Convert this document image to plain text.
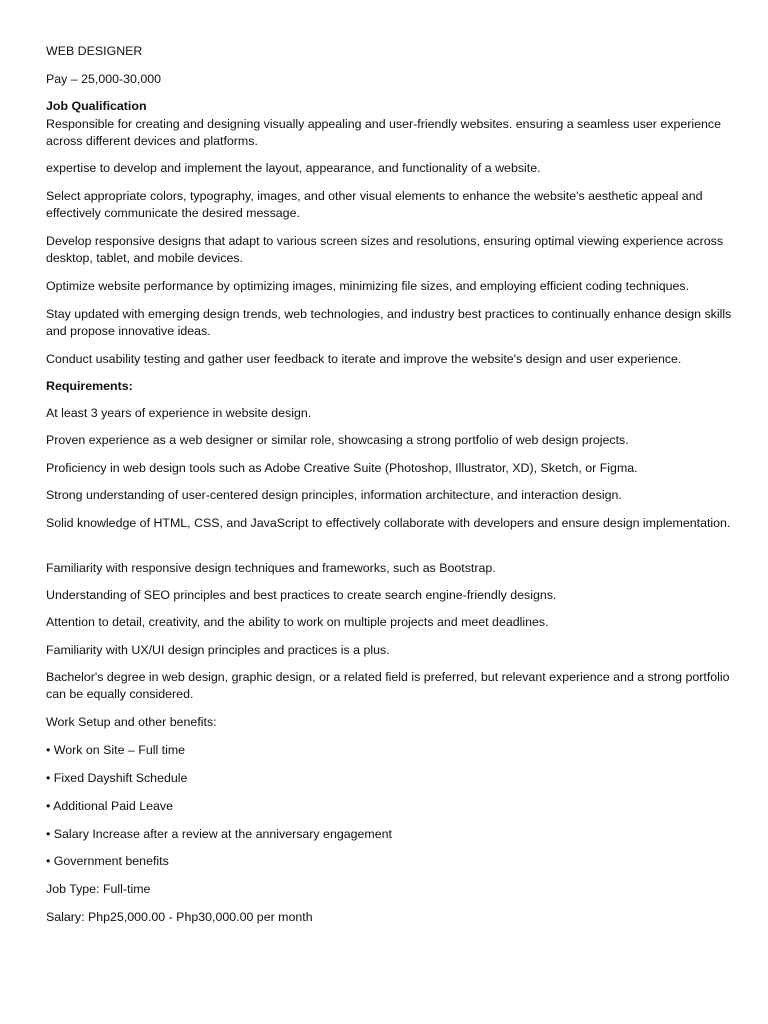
WEB DESIGNER
Pay – 25,000-30,000
Job Qualification
Responsible for creating and designing visually appealing and user-friendly websites. ensuring a seamless user experience across different devices and platforms.
expertise to develop and implement the layout, appearance, and functionality of a website.
Select appropriate colors, typography, images, and other visual elements to enhance the website's aesthetic appeal and effectively communicate the desired message.
Develop responsive designs that adapt to various screen sizes and resolutions, ensuring optimal viewing experience across desktop, tablet, and mobile devices.
Optimize website performance by optimizing images, minimizing file sizes, and employing efficient coding techniques.
Stay updated with emerging design trends, web technologies, and industry best practices to continually enhance design skills and propose innovative ideas.
Conduct usability testing and gather user feedback to iterate and improve the website's design and user experience.
Requirements:
At least 3 years of experience in website design.
Proven experience as a web designer or similar role, showcasing a strong portfolio of web design projects.
Proficiency in web design tools such as Adobe Creative Suite (Photoshop, Illustrator, XD), Sketch, or Figma.
Strong understanding of user-centered design principles, information architecture, and interaction design.
Solid knowledge of HTML, CSS, and JavaScript to effectively collaborate with developers and ensure design implementation.
Familiarity with responsive design techniques and frameworks, such as Bootstrap.
Understanding of SEO principles and best practices to create search engine-friendly designs.
Attention to detail, creativity, and the ability to work on multiple projects and meet deadlines.
Familiarity with UX/UI design principles and practices is a plus.
Bachelor's degree in web design, graphic design, or a related field is preferred, but relevant experience and a strong portfolio can be equally considered.
Work Setup and other benefits:
• Work on Site – Full time
• Fixed Dayshift Schedule
• Additional Paid Leave
• Salary Increase after a review at the anniversary engagement
• Government benefits
Job Type: Full-time
Salary: Php25,000.00 - Php30,000.00 per month
